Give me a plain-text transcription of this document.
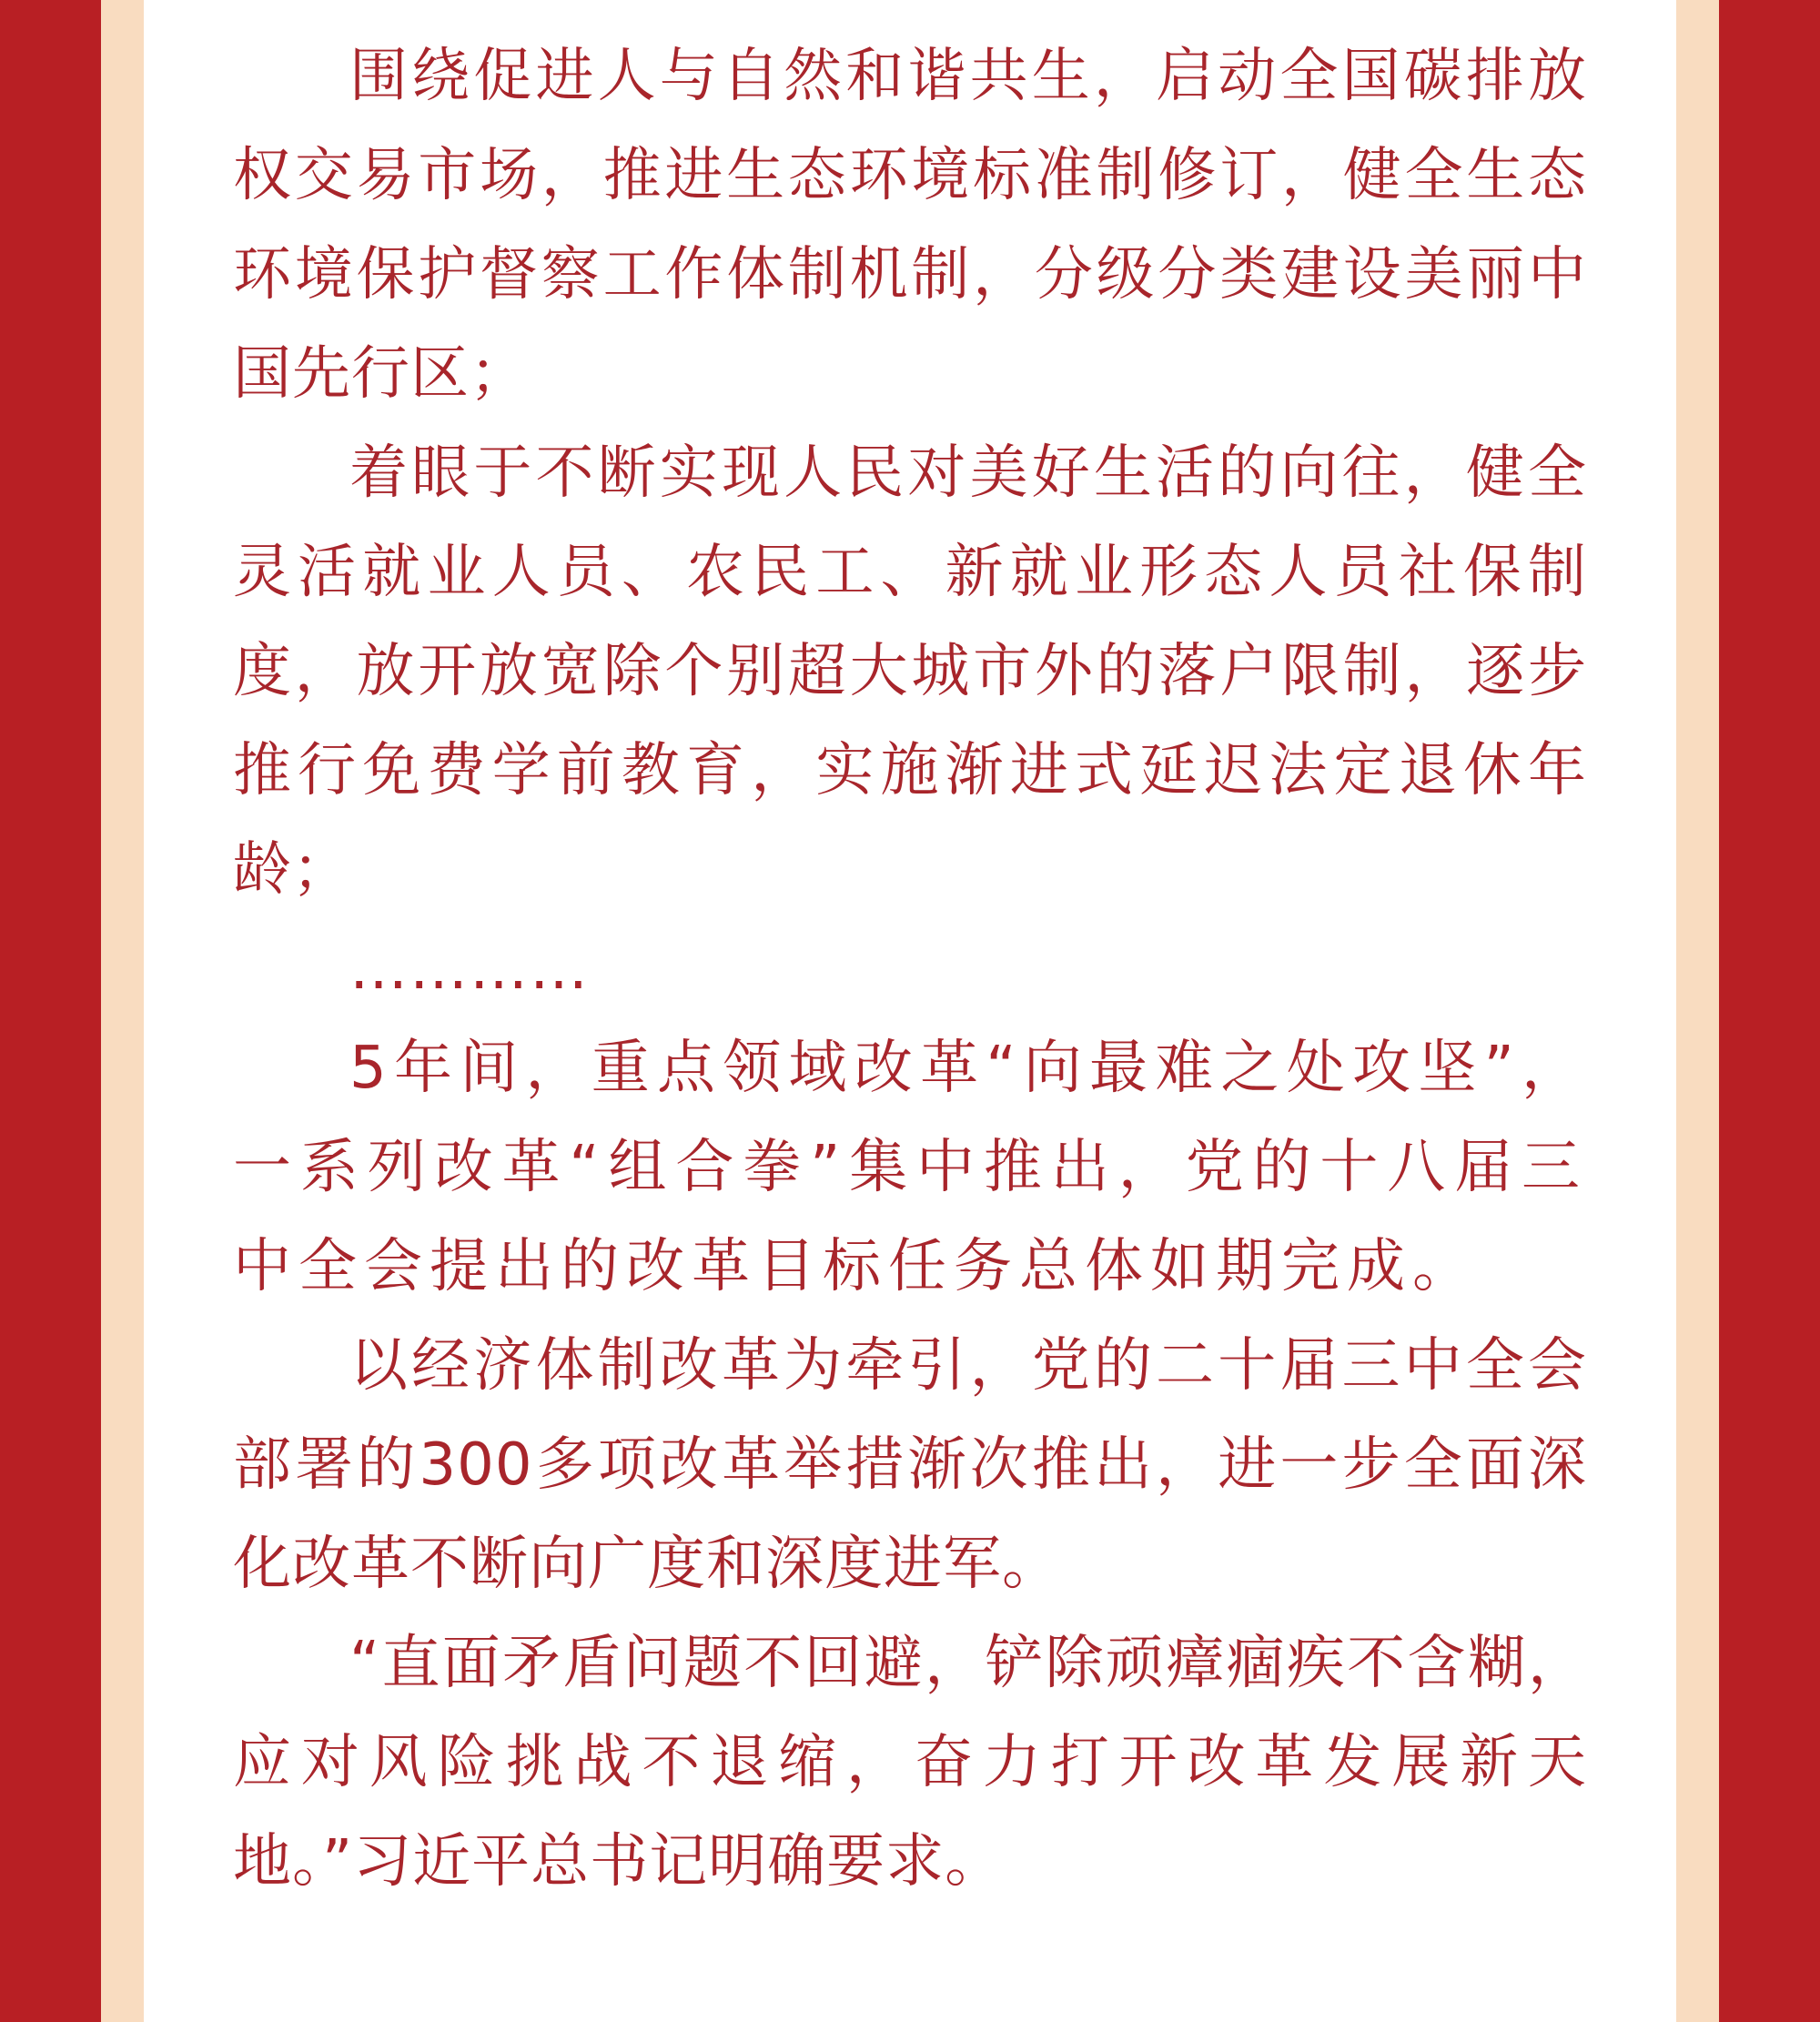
围绕促进人与自然和谐共生，启动全国碳排放权交易市场，推进生态环境标准制修订，健全生态环境保护督察工作体制机制，分级分类建设美丽中国先行区；

着眼于不断实现人民对美好生活的向往，健全灵活就业人员、农民工、新就业形态人员社保制度，放开放宽除个别超大城市外的落户限制，逐步推行免费学前教育，实施渐进式延迟法定退休年龄；

…………

5年间，重点领域改革“向最难之处攻坚”，一系列改革“组合拳”集中推出，党的十八届三中全会提出的改革目标任务总体如期完成。

以经济体制改革为牵引，党的二十届三中全会部署的300多项改革举措渐次推出，进一步全面深化改革不断向广度和深度进军。

“直面矛盾问题不回避，铲除顽瘴痼疾不含糊，应对风险挑战不退缩，奋力打开改革发展新天地。”习近平总书记明确要求。
